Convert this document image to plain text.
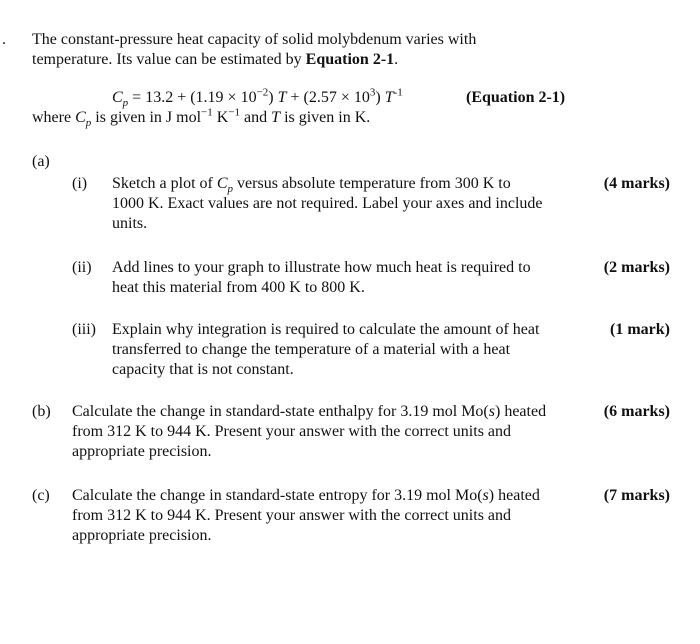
. The constant-pressure heat capacity of solid molybdenum varies with
temperature. Its value can be estimated by Equation 2-1.
$C_p = 13.2 + (1.19 \times 10^{-2}) T + (2.57 \times 10^3)$ $T^{-1}$	(Equation 2-1)
where $C_p$ is given in J mol$^{-1}$ $K^{-1}$ and T is given in K.
(a)
(i) Sketch a plot of $C_p$ versus absolute temperature from 300 K to
1000 K. Exact values are not required. Label your axes and include
units.
(4 marks)
(ii) Add lines to your graph to illustrate how much heat is required to
heat this material from 400 K to 800 K.
(2 marks)
(iii) Explain why integration is required to calculate the amount of heat
transferred to change the temperature of a material with a heat
capacity that is not constant.
(1 mark)
(b) Calculate the change in standard-state enthalpy for 3.19 mol Mo(s) heated
from 312 K to 944 K. Present your answer with the correct units and
appropriate precision.
(6 marks)
(c) Calculate the change in standard-state entropy for 3.19 mol Mo(s) heated
from 312 K to 944 K. Present your answer with the correct units and
appropriate precision.
(7 marks)
